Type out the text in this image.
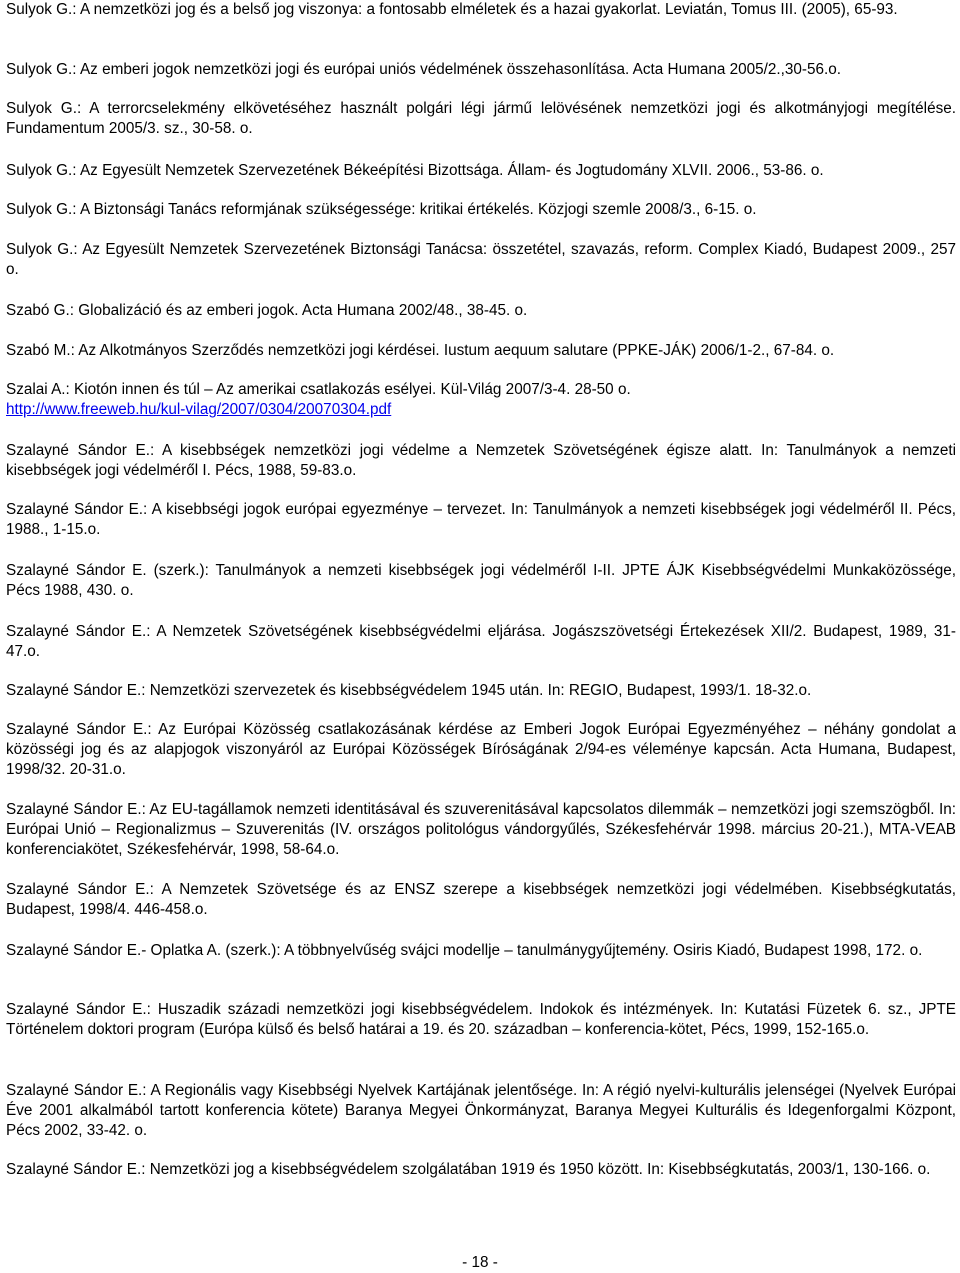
Sulyok G.: A nemzetközi jog és a belső jog viszonya: a fontosabb elméletek és a hazai gyakorlat. Leviatán, Tomus III. (2005), 65-93.

Sulyok G.: Az emberi jogok nemzetközi jogi és európai uniós védelmének összehasonlítása. Acta Humana 2005/2.,30-56.o.

Sulyok G.: A terrorcselekmény elkövetéséhez használt polgári légi jármű lelövésének nemzetközi jogi és alkotmányjogi megítélése. Fundamentum 2005/3. sz., 30-58. o.

Sulyok G.: Az Egyesült Nemzetek Szervezetének Békeépítési Bizottsága. Állam- és Jogtudomány XLVII. 2006., 53-86. o.

Sulyok G.: A Biztonsági Tanács reformjának szükségessége: kritikai értékelés. Közjogi szemle 2008/3., 6-15. o.

Sulyok G.: Az Egyesült Nemzetek Szervezetének Biztonsági Tanácsa: összetétel, szavazás, reform. Complex Kiadó, Budapest 2009., 257 o.

Szabó G.: Globalizáció és az emberi jogok. Acta Humana 2002/48., 38-45. o.

Szabó M.: Az Alkotmányos Szerződés nemzetközi jogi kérdései. Iustum aequum salutare (PPKE-JÁK) 2006/1-2., 67-84. o.

Szalai A.: Kiotón innen és túl – Az amerikai csatlakozás esélyei. Kül-Világ 2007/3-4. 28-50 o.

http://www.freeweb.hu/kul-vilag/2007/0304/20070304.pdf

Szalayné Sándor E.: A kisebbségek nemzetközi jogi védelme a Nemzetek Szövetségének égisze alatt. In: Tanulmányok a nemzeti kisebbségek jogi védelméről I. Pécs, 1988, 59-83.o.

Szalayné Sándor E.: A kisebbségi jogok európai egyezménye – tervezet. In: Tanulmányok a nemzeti kisebbségek jogi védelméről II. Pécs, 1988., 1-15.o.

Szalayné Sándor E. (szerk.): Tanulmányok a nemzeti kisebbségek jogi védelméről I-II. JPTE ÁJK Kisebbségvédelmi Munkaközössége, Pécs 1988, 430. o.

Szalayné Sándor E.: A Nemzetek Szövetségének kisebbségvédelmi eljárása. Jogászszövetségi Értekezések XII/2. Budapest, 1989, 31-47.o.

Szalayné Sándor E.: Nemzetközi szervezetek és kisebbségvédelem 1945 után. In: REGIO, Budapest, 1993/1. 18-32.o.

Szalayné Sándor E.: Az Európai Közösség csatlakozásának kérdése az Emberi Jogok Európai Egyezményéhez – néhány gondolat a közösségi jog és az alapjogok viszonyáról az Európai Közösségek Bíróságának 2/94-es véleménye kapcsán. Acta Humana, Budapest, 1998/32. 20-31.o.

Szalayné Sándor E.: Az EU-tagállamok nemzeti identitásával és szuverenitásával kapcsolatos dilemmák – nemzetközi jogi szemszögből. In: Európai Unió – Regionalizmus – Szuverenitás (IV. országos politológus vándorgyűlés, Székesfehérvár 1998. március 20-21.), MTA-VEAB konferenciakötet, Székesfehérvár, 1998, 58-64.o.

Szalayné Sándor E.: A Nemzetek Szövetsége és az ENSZ szerepe a kisebbségek nemzetközi jogi védelmében. Kisebbségkutatás, Budapest, 1998/4. 446-458.o.

Szalayné Sándor E.- Oplatka A. (szerk.): A többnyelvűség svájci modellje – tanulmánygyűjtemény. Osiris Kiadó, Budapest 1998, 172. o.

Szalayné Sándor E.: Huszadik századi nemzetközi jogi kisebbségvédelem. Indokok és intézmények. In: Kutatási Füzetek 6. sz., JPTE Történelem doktori program (Európa külső és belső határai a 19. és 20. században – konferencia-kötet, Pécs, 1999, 152-165.o.

Szalayné Sándor E.: A Regionális vagy Kisebbségi Nyelvek Kartájának jelentősége. In: A régió nyelvi-kulturális jelenségei (Nyelvek Európai Éve 2001 alkalmából tartott konferencia kötete) Baranya Megyei Önkormányzat, Baranya Megyei Kulturális és Idegenforgalmi Központ, Pécs 2002, 33-42. o.

Szalayné Sándor E.: Nemzetközi jog a kisebbségvédelem szolgálatában 1919 és 1950 között. In: Kisebbségkutatás, 2003/1, 130-166. o.

- 18 -
